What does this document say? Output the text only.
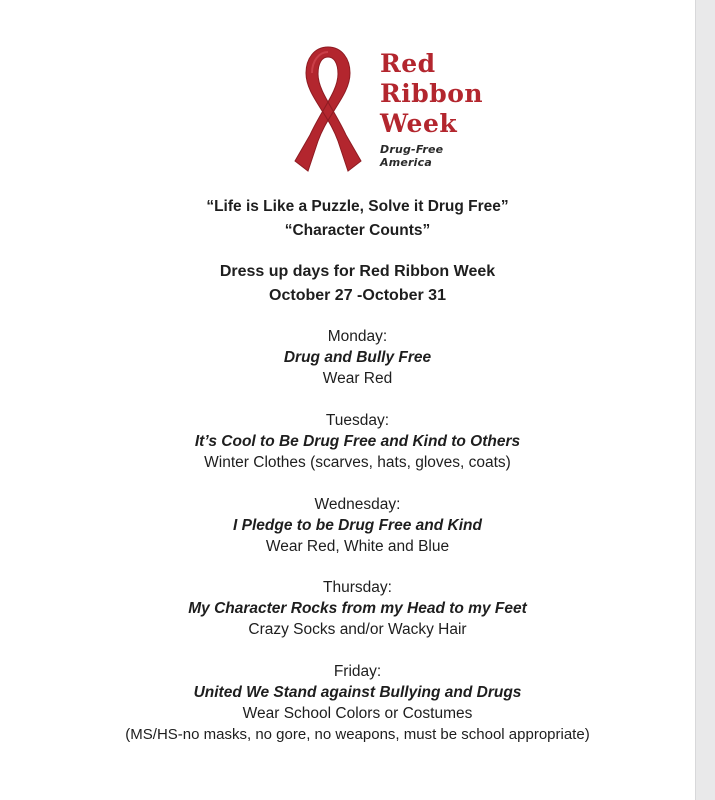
Red
Ribbon
Week
Drug-Free America
“Life is Like a Puzzle, Solve it Drug Free”
“Character Counts”
Dress up days for Red Ribbon Week
October 27 -October 31
Monday:
Drug and Bully Free
Wear Red
Tuesday:
It’s Cool to Be Drug Free and Kind to Others
Winter Clothes (scarves, hats, gloves, coats)
Wednesday:
I Pledge to be Drug Free and Kind
Wear Red, White and Blue
Thursday:
My Character Rocks from my Head to my Feet
Crazy Socks and/or Wacky Hair
Friday:
United We Stand against Bullying and Drugs
Wear School Colors or Costumes
(MS/HS-no masks, no gore, no weapons, must be school appropriate)
